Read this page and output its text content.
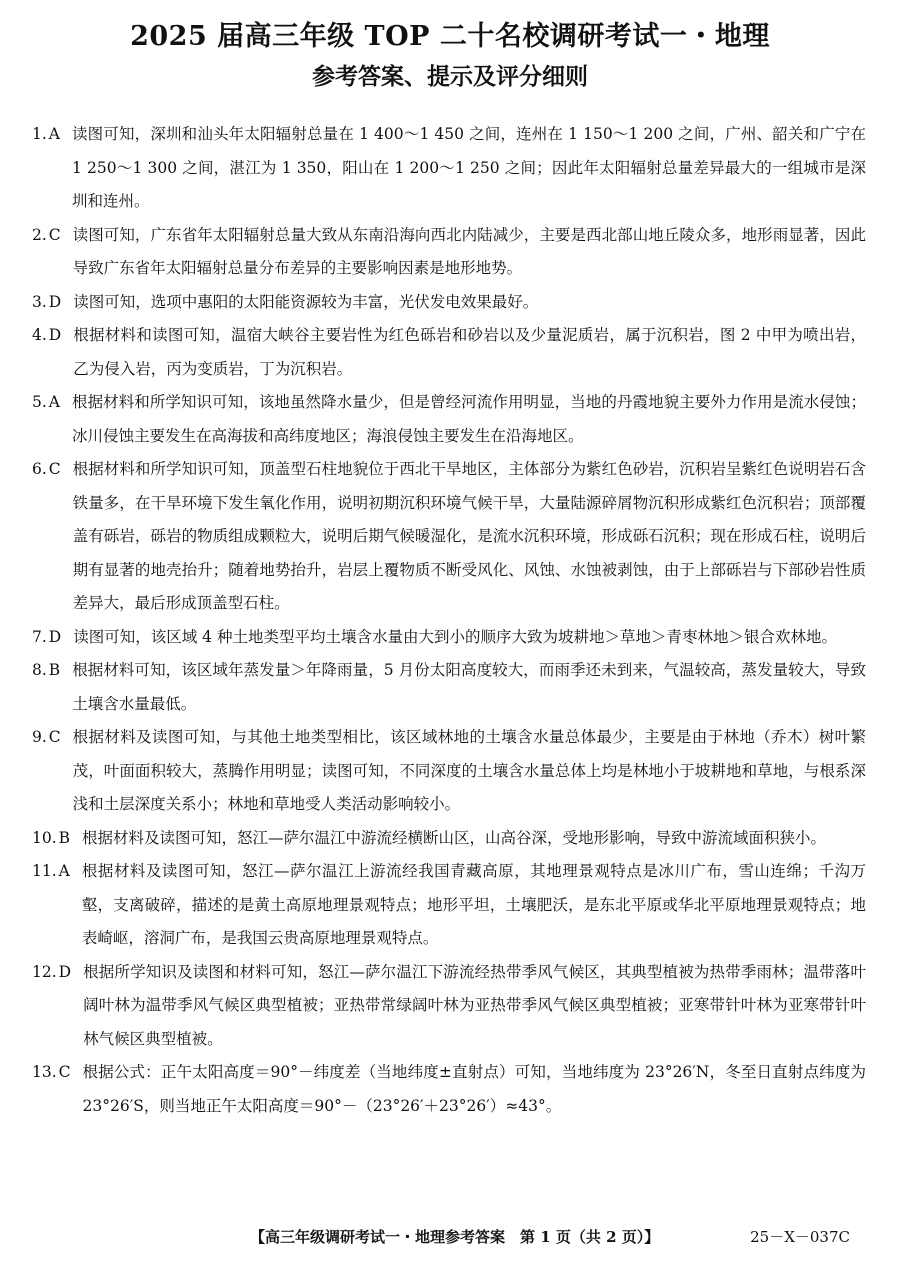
2025 届高三年级 TOP 二十名校调研考试一・地理
参考答案、提示及评分细则
1. A 读图可知，深圳和汕头年太阳辐射总量在 1 400～1 450 之间，连州在 1 150～1 200 之间，广州、韶关和广宁在 1 250～1 300 之间，湛江为 1 350，阳山在 1 200～1 250 之间；因此年太阳辐射总量差异最大的一组城市是深圳和连州。
2. C 读图可知，广东省年太阳辐射总量大致从东南沿海向西北内陆减少，主要是西北部山地丘陵众多，地形雨显著，因此导致广东省年太阳辐射总量分布差异的主要影响因素是地形地势。
3. D 读图可知，选项中惠阳的太阳能资源较为丰富，光伏发电效果最好。
4. D 根据材料和读图可知，温宿大峡谷主要岩性为红色砾岩和砂岩以及少量泥质岩，属于沉积岩，图 2 中甲为喷出岩，乙为侵入岩，丙为变质岩，丁为沉积岩。
5. A 根据材料和所学知识可知，该地虽然降水量少，但是曾经河流作用明显，当地的丹霞地貌主要外力作用是流水侵蚀；冰川侵蚀主要发生在高海拔和高纬度地区；海浪侵蚀主要发生在沿海地区。
6. C 根据材料和所学知识可知，顶盖型石柱地貌位于西北干旱地区，主体部分为紫红色砂岩，沉积岩呈紫红色说明岩石含铁量多，在干旱环境下发生氧化作用，说明初期沉积环境气候干旱，大量陆源碎屑物沉积形成紫红色沉积岩；顶部覆盖有砾岩，砾岩的物质组成颗粒大，说明后期气候暖湿化，是流水沉积环境，形成砾石沉积；现在形成石柱，说明后期有显著的地壳抬升；随着地势抬升，岩层上覆物质不断受风化、风蚀、水蚀被剥蚀，由于上部砾岩与下部砂岩性质差异大，最后形成顶盖型石柱。
7. D 读图可知，该区域 4 种土地类型平均土壤含水量由大到小的顺序大致为坡耕地＞草地＞青枣林地＞银合欢林地。
8. B 根据材料可知，该区域年蒸发量＞年降雨量，5 月份太阳高度较大，而雨季还未到来，气温较高，蒸发量较大，导致土壤含水量最低。
9. C 根据材料及读图可知，与其他土地类型相比，该区域林地的土壤含水量总体最少，主要是由于林地（乔木）树叶繁茂，叶面面积较大，蒸腾作用明显；读图可知，不同深度的土壤含水量总体上均是林地小于坡耕地和草地，与根系深浅和土层深度关系小；林地和草地受人类活动影响较小。
10. B 根据材料及读图可知，怒江—萨尔温江中游流经横断山区，山高谷深，受地形影响，导致中游流域面积狭小。
11. A 根据材料及读图可知，怒江—萨尔温江上游流经我国青藏高原，其地理景观特点是冰川广布，雪山连绵；千沟万壑，支离破碎，描述的是黄土高原地理景观特点；地形平坦，土壤肥沃，是东北平原或华北平原地理景观特点；地表崎岖，溶洞广布，是我国云贵高原地理景观特点。
12. D 根据所学知识及读图和材料可知，怒江—萨尔温江下游流经热带季风气候区，其典型植被为热带季雨林；温带落叶阔叶林为温带季风气候区典型植被；亚热带常绿阔叶林为亚热带季风气候区典型植被；亚寒带针叶林为亚寒带针叶林气候区典型植被。
13. C 根据公式：正午太阳高度＝90°－纬度差（当地纬度±直射点）可知，当地纬度为 23°26′N，冬至日直射点纬度为 23°26′S，则当地正午太阳高度＝90°－（23°26′＋23°26′）≈43°。
【高三年级调研考试一・地理参考答案　第 1 页（共 2 页）】	25－X－037C
